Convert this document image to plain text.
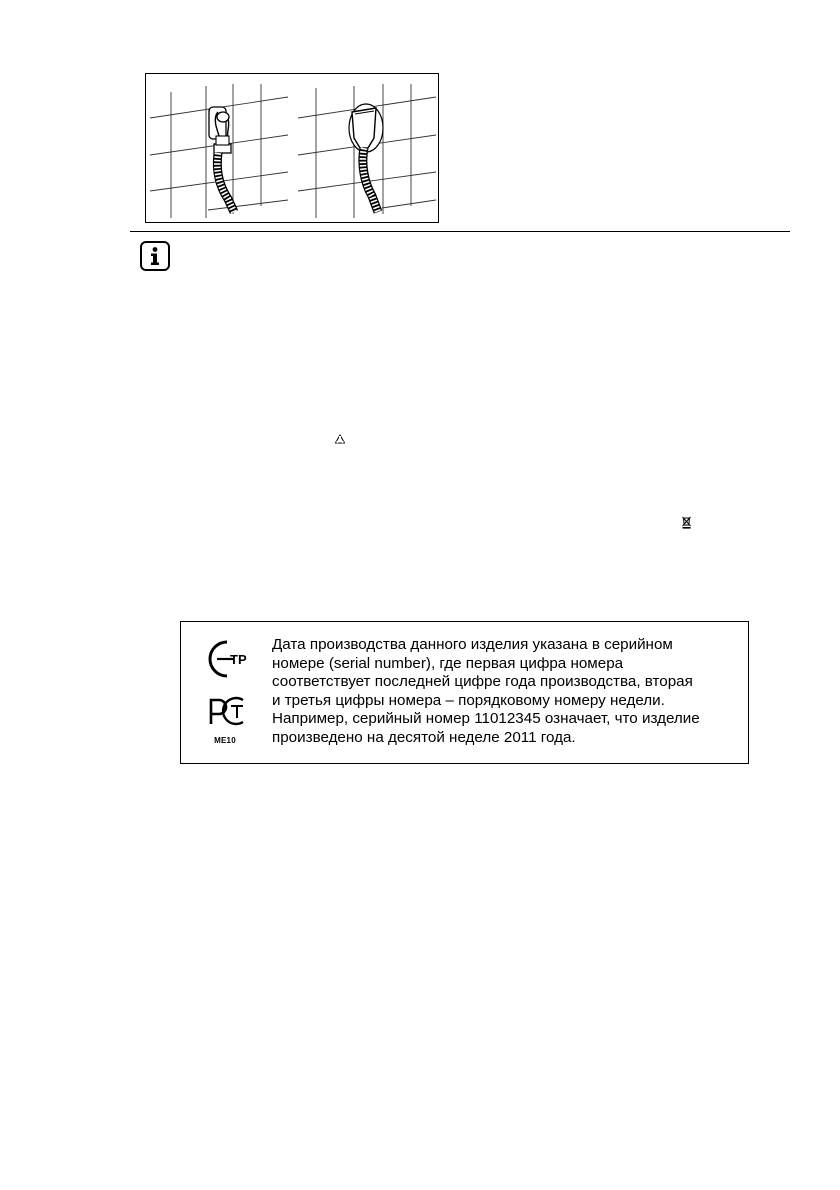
ТР
Р С Т
ME10
Дата производства данного изделия указана в серийном
номере (serial number), где первая цифра номера
соответствует последней цифре года производства, вторая
и третья цифры номера – порядковому номеру недели.
Например, серийный номер 11012345 означает, что изделие
произведено на десятой неделе 2011 года.
